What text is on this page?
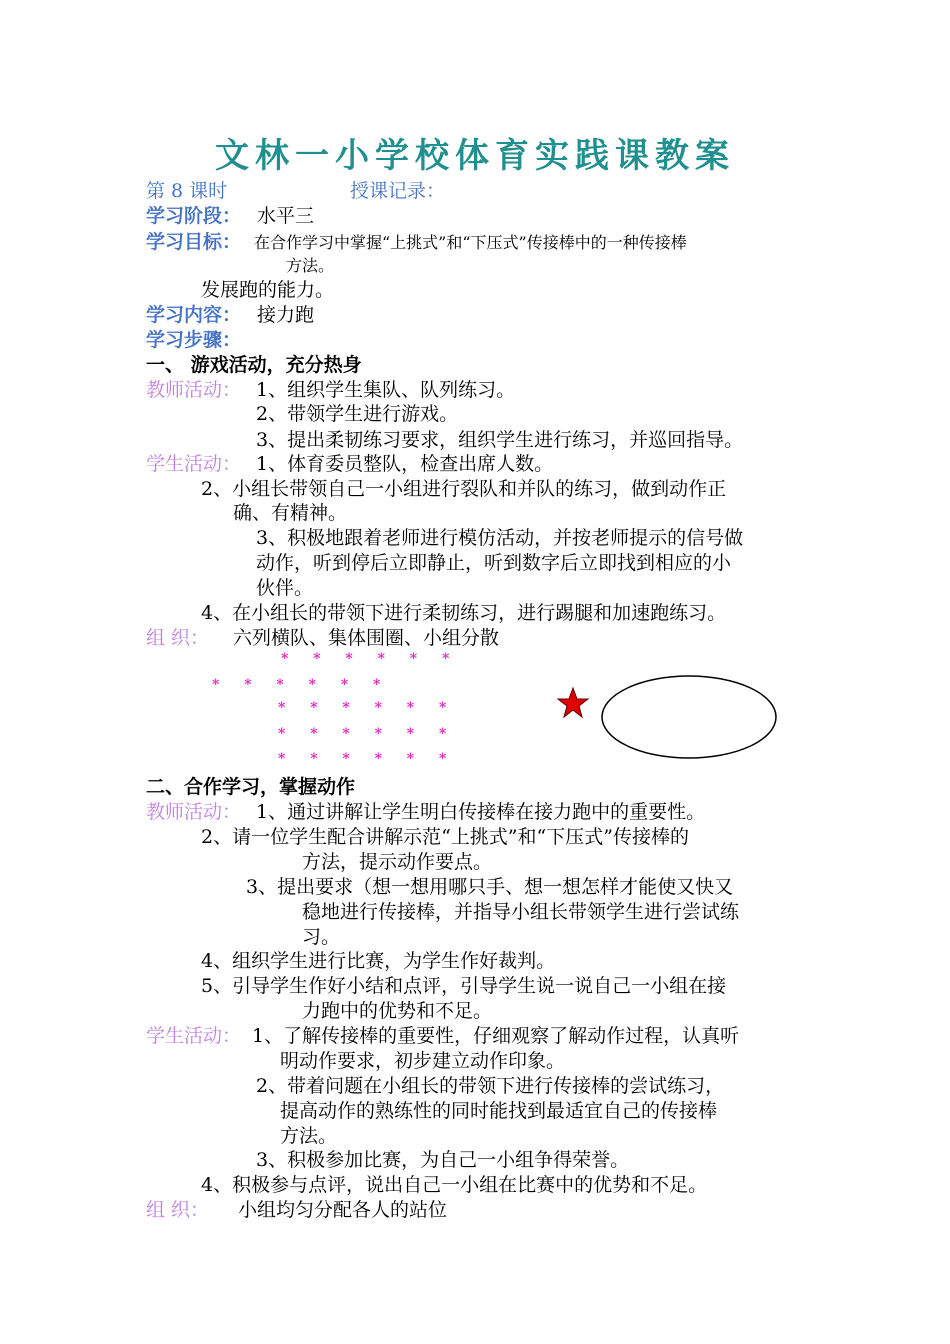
文林一小学校体育实践课教案
第 8 课时	授课记录：
学习阶段： 水平三
学习目标： 在合作学习中掌握“上挑式”和“下压式”传接棒中的一种传接棒
方法。
发展跑的能力。
学习内容： 接力跑
学习步骤：
一、 游戏活动，充分热身
教师活动： 1、组织学生集队、队列练习。
2、带领学生进行游戏。
3、提出柔韧练习要求，组织学生进行练习，并巡回指导。
学生活动： 1、体育委员整队，检查出席人数。
2、小组长带领自己一小组进行裂队和并队的练习，做到动作正
确、有精神。
3、积极地跟着老师进行模仿活动，并按老师提示的信号做
动作，听到停后立即静止，听到数字后立即找到相应的小
伙伴。
4、在小组长的带领下进行柔韧练习，进行踢腿和加速跑练习。
组 织： 六列横队、集体围圈、小组分散
* * * * * *
* * * * * *
* * * * * *
* * * * * *
* * * * * *
二、合作学习，掌握动作
教师活动： 1、通过讲解让学生明白传接棒在接力跑中的重要性。
2、请一位学生配合讲解示范“上挑式”和“下压式”传接棒的
方法，提示动作要点。
3、提出要求（想一想用哪只手、想一想怎样才能使又快又
稳地进行传接棒，并指导小组长带领学生进行尝试练
习。
4、组织学生进行比赛，为学生作好裁判。
5、引导学生作好小结和点评，引导学生说一说自己一小组在接
力跑中的优势和不足。
学生活动： 1、了解传接棒的重要性，仔细观察了解动作过程，认真听
明动作要求，初步建立动作印象。
2、带着问题在小组长的带领下进行传接棒的尝试练习，
提高动作的熟练性的同时能找到最适宜自己的传接棒
方法。
3、积极参加比赛，为自己一小组争得荣誉。
4、积极参与点评，说出自己一小组在比赛中的优势和不足。
组 织： 小组均匀分配各人的站位
